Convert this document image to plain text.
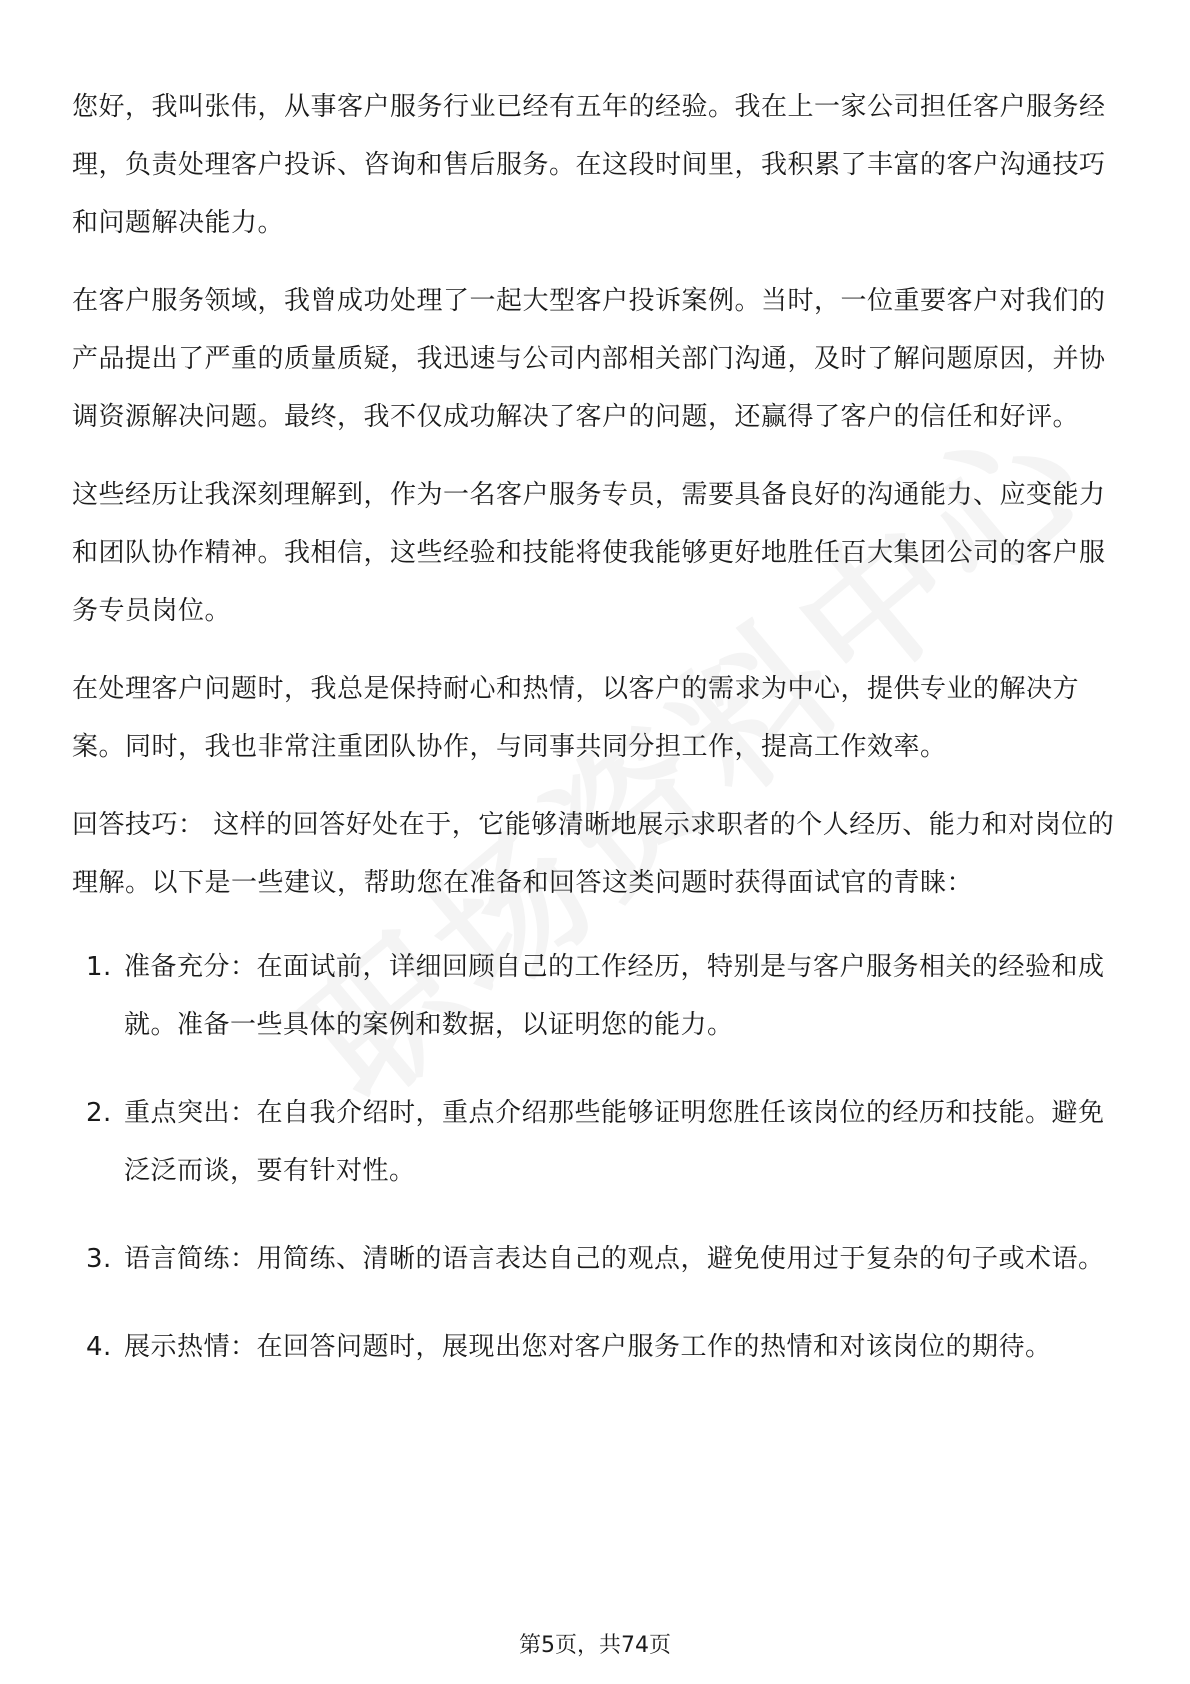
您好，我叫张伟，从事客户服务行业已经有五年的经验。我在上一家公司担任客户服务经理，负责处理客户投诉、咨询和售后服务。在这段时间里，我积累了丰富的客户沟通技巧和问题解决能力。

在客户服务领域，我曾成功处理了一起大型客户投诉案例。当时，一位重要客户对我们的产品提出了严重的质量质疑，我迅速与公司内部相关部门沟通，及时了解问题原因，并协调资源解决问题。最终，我不仅成功解决了客户的问题，还赢得了客户的信任和好评。

这些经历让我深刻理解到，作为一名客户服务专员，需要具备良好的沟通能力、应变能力和团队协作精神。我相信，这些经验和技能将使我能够更好地胜任百大集团公司的客户服务专员岗位。

在处理客户问题时，我总是保持耐心和热情，以客户的需求为中心，提供专业的解决方案。同时，我也非常注重团队协作，与同事共同分担工作，提高工作效率。

回答技巧： 这样的回答好处在于，它能够清晰地展示求职者的个人经历、能力和对岗位的理解。以下是一些建议，帮助您在准备和回答这类问题时获得面试官的青睐：

1. 准备充分：在面试前，详细回顾自己的工作经历，特别是与客户服务相关的经验和成就。准备一些具体的案例和数据，以证明您的能力。
2. 重点突出：在自我介绍时，重点介绍那些能够证明您胜任该岗位的经历和技能。避免泛泛而谈，要有针对性。
3. 语言简练：用简练、清晰的语言表达自己的观点，避免使用过于复杂的句子或术语。
4. 展示热情：在回答问题时，展现出您对客户服务工作的热情和对该岗位的期待。
第5页，共74页
